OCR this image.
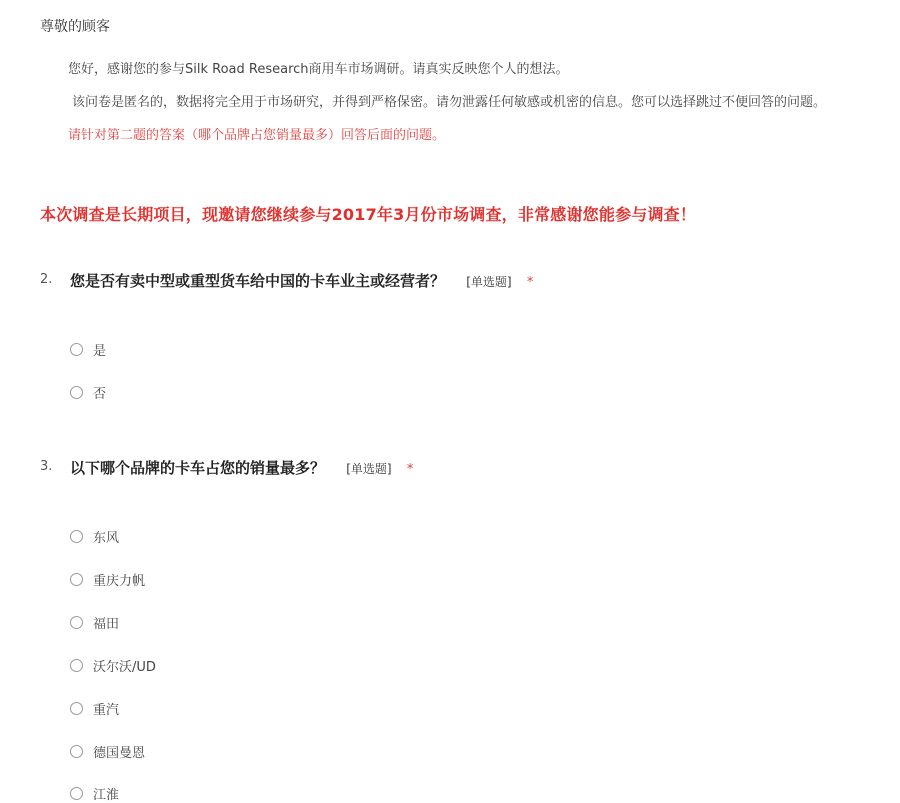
尊敬的顾客
您好，感谢您的参与Silk Road Research商用车市场调研。请真实反映您个人的想法。
该问卷是匿名的，数据将完全用于市场研究，并得到严格保密。请勿泄露任何敏感或机密的信息。您可以选择跳过不便回答的问题。
请针对第二题的答案（哪个品牌占您销量最多）回答后面的问题。
本次调查是长期项目，现邀请您继续参与2017年3月份市场调查，非常感谢您能参与调查！
2. 您是否有卖中型或重型货车给中国的卡车业主或经营者？ [单选题] *
是
否
3. 以下哪个品牌的卡车占您的销量最多？ [单选题] *
东风
重庆力帆
福田
沃尔沃/UD
重汽
德国曼恩
江淮
